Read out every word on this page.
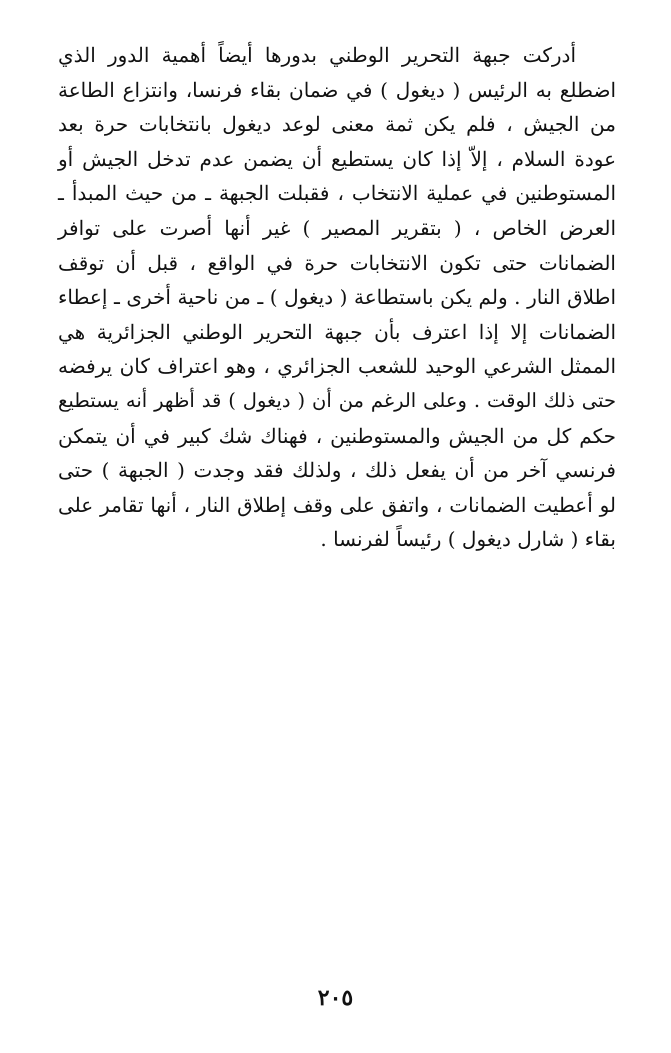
أدركت جبهة التحرير الوطني بدورها أيضاً أهمية الدور الذي
اضطلع به الرئيس ( ديغول ) في ضمان بقاء فرنسا، وانتزاع الطاعة
من الجيش ، فلم يكن ثمة معنى لوعد ديغول بانتخابات حرة بعد
عودة السلام ، إلاّ إذا كان يستطيع أن يضمن عدم تدخل الجيش أو
المستوطنين في عملية الانتخاب ، فقبلت الجبهة ـ من حيث المبدأ ـ
العرض الخاص ، ( بتقرير المصير ) غير أنها أصرت على توافر
الضمانات حتى تكون الانتخابات حرة في الواقع ، قبل أن توقف
اطلاق النار . ولم يكن باستطاعة ( ديغول ) ـ من ناحية أخرى ـ إعطاء
الضمانات إلا إذا اعترف بأن جبهة التحرير الوطني الجزائرية هي
الممثل الشرعي الوحيد للشعب الجزائري ، وهو اعتراف كان يرفضه
حتى ذلك الوقت . وعلى الرغم من أن ( ديغول ) قد أظهر أنه يستطيع
حكم كل من الجيش والمستوطنين ، فهناك شك كبير في أن يتمكن
فرنسي آخر من أن يفعل ذلك ، ولذلك فقد وجدت ( الجبهة ) حتى
لو أعطيت الضمانات ، واتفق على وقف إطلاق النار ، أنها تقامر على
بقاء ( شارل ديغول ) رئيساً لفرنسا .
٢٠٥
